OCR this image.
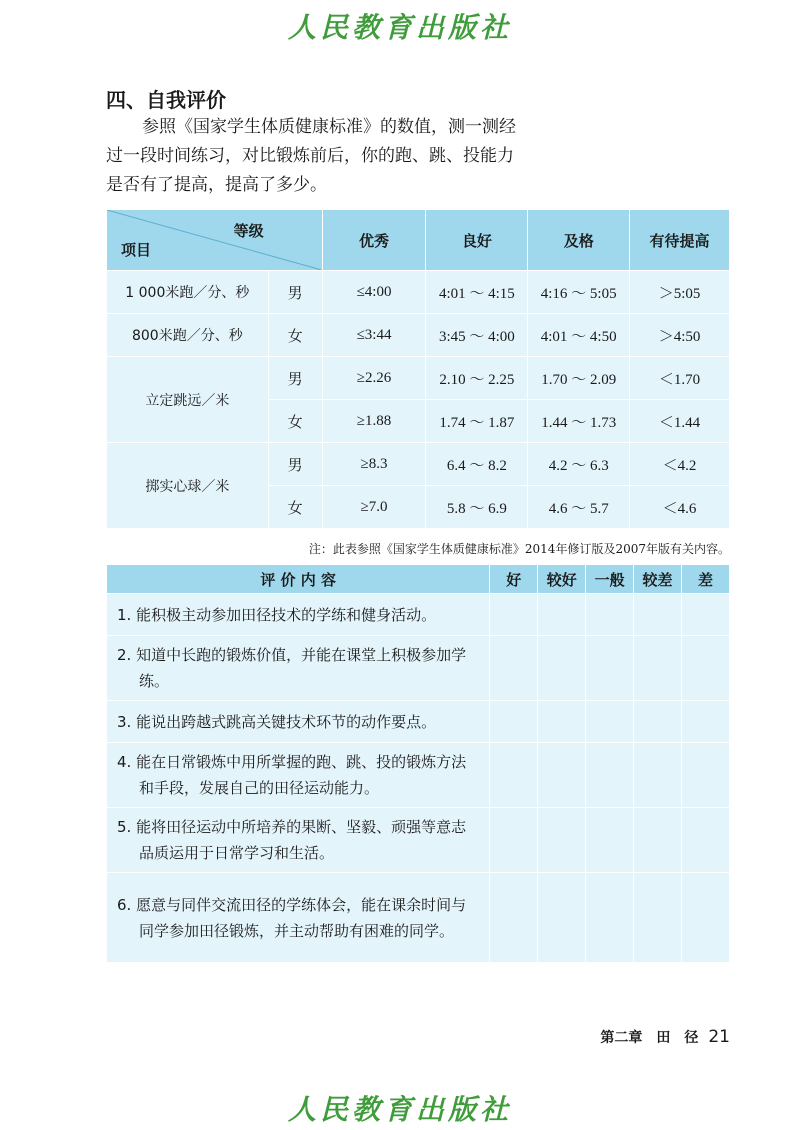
人民教育出版社
四、自我评价

参照《国家学生体质健康标准》的数值，测一测经过一段时间练习，对比锻炼前后，你的跑、跳、投能力是否有了提高，提高了多少。

等级
项目		优秀	良好	及格	有待提高
1 000米跑／分、秒	男	≤4:00	4:01 ～ 4:15	4:16 ～ 5:05	＞5:05
800米跑／分、秒	女	≤3:44	3:45 ～ 4:00	4:01 ～ 4:50	＞4:50
立定跳远／米	男	≥2.26	2.10 ～ 2.25	1.70 ～ 2.09	＜1.70
	女	≥1.88	1.74 ～ 1.87	1.44 ～ 1.73	＜1.44
掷实心球／米	男	≥8.3	6.4 ～ 8.2	4.2 ～ 6.3	＜4.2
	女	≥7.0	5.8 ～ 6.9	4.6 ～ 5.7	＜4.6

注：此表参照《国家学生体质健康标准》2014年修订版及2007年版有关内容。

评 价 内 容	好	较好	一般	较差	差
1. 能积极主动参加田径技术的学练和健身活动。					
2. 知道中长跑的锻炼价值，并能在课堂上积极参加学练。					
3. 能说出跨越式跳高关键技术环节的动作要点。					
4. 能在日常锻炼中用所掌握的跑、跳、投的锻炼方法和手段，发展自己的田径运动能力。					
5. 能将田径运动中所培养的果断、坚毅、顽强等意志品质运用于日常学习和生活。					
6. 愿意与同伴交流田径的学练体会，能在课余时间与同学参加田径锻炼，并主动帮助有困难的同学。					

第二章　田　径 21

人民教育出版社
